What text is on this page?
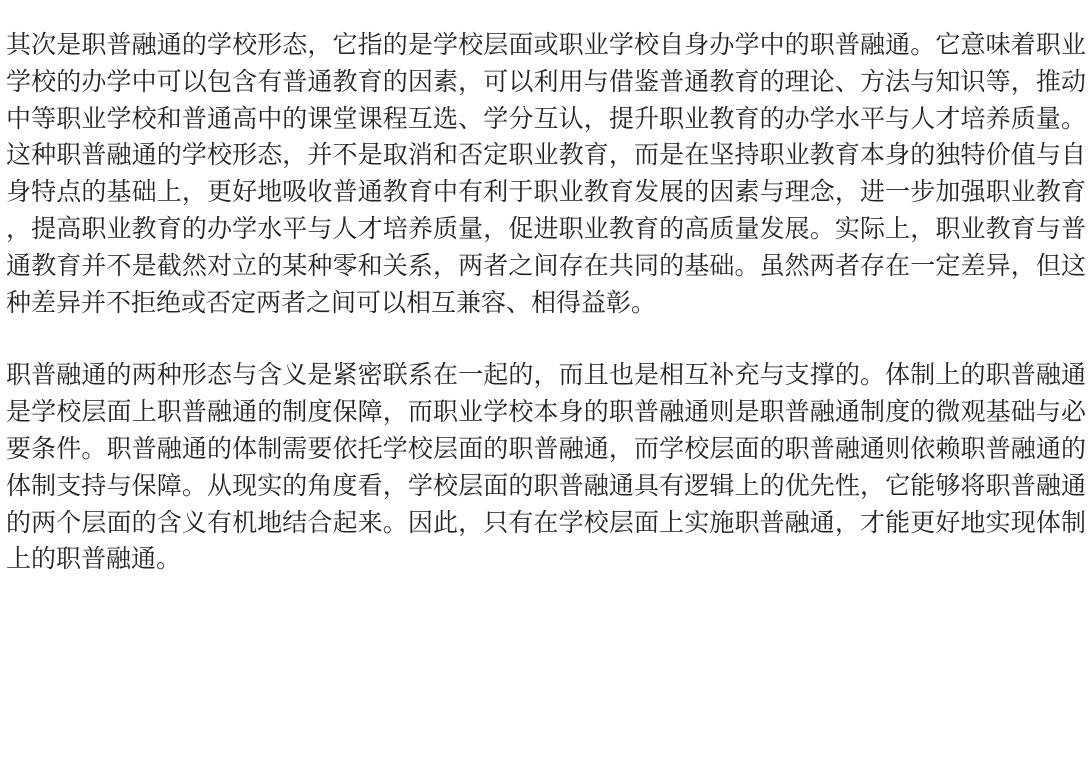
其次是职普融通的学校形态，它指的是学校层面或职业学校自身办学中的职普融通。它意味着职业学校的办学中可以包含有普通教育的因素，可以利用与借鉴普通教育的理论、方法与知识等，推动中等职业学校和普通高中的课堂课程互选、学分互认，提升职业教育的办学水平与人才培养质量。这种职普融通的学校形态，并不是取消和否定职业教育，而是在坚持职业教育本身的独特价值与自身特点的基础上，更好地吸收普通教育中有利于职业教育发展的因素与理念，进一步加强职业教育，提高职业教育的办学水平与人才培养质量，促进职业教育的高质量发展。实际上，职业教育与普通教育并不是截然对立的某种零和关系，两者之间存在共同的基础。虽然两者存在一定差异，但这种差异并不拒绝或否定两者之间可以相互兼容、相得益彰。

职普融通的两种形态与含义是紧密联系在一起的，而且也是相互补充与支撑的。体制上的职普融通是学校层面上职普融通的制度保障，而职业学校本身的职普融通则是职普融通制度的微观基础与必要条件。职普融通的体制需要依托学校层面的职普融通，而学校层面的职普融通则依赖职普融通的体制支持与保障。从现实的角度看，学校层面的职普融通具有逻辑上的优先性，它能够将职普融通的两个层面的含义有机地结合起来。因此，只有在学校层面上实施职普融通，才能更好地实现体制上的职普融通。
